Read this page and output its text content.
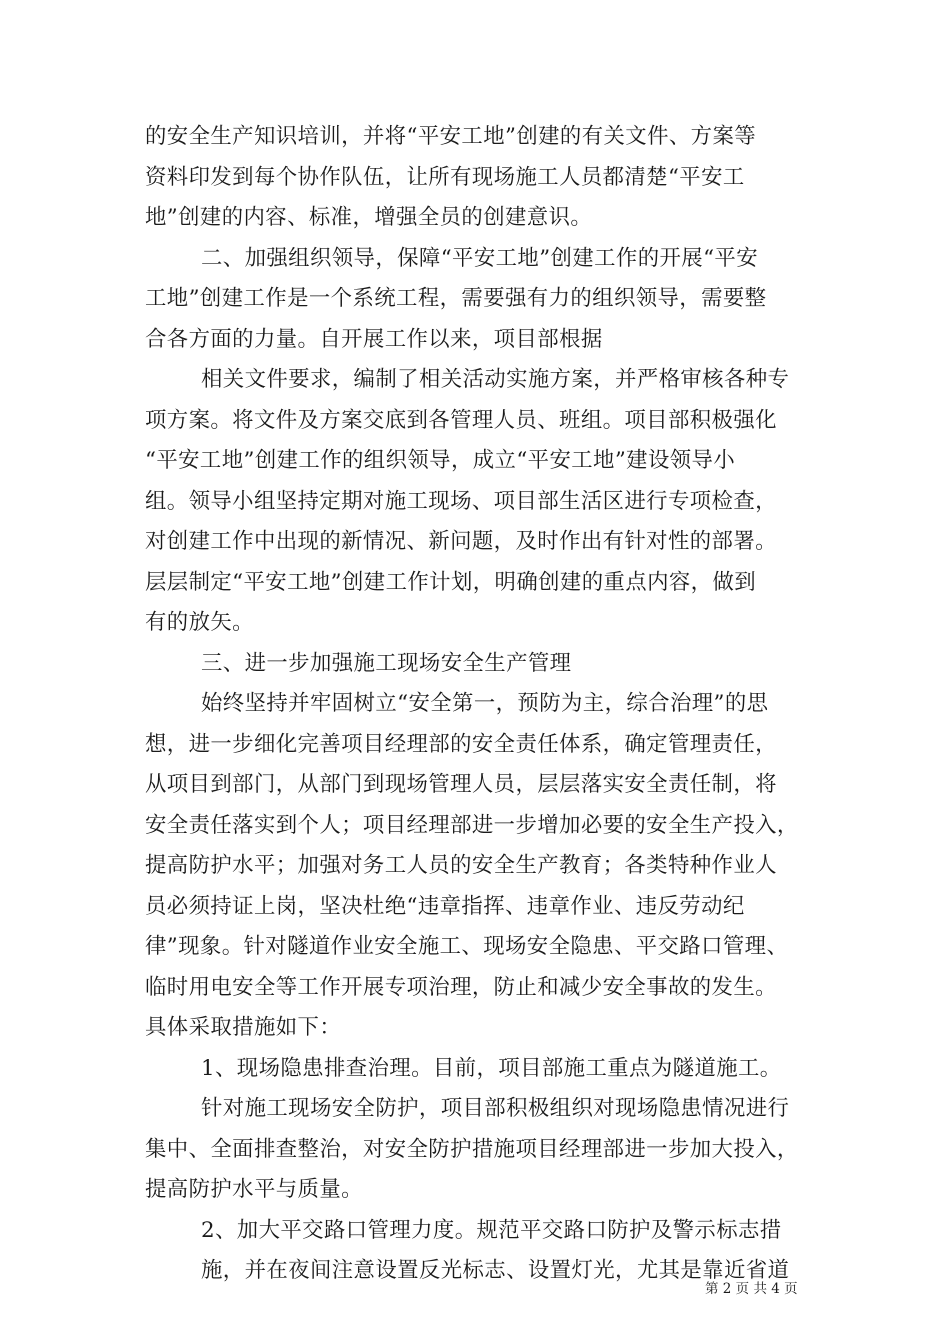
的安全生产知识培训，并将“平安工地”创建的有关文件、方案等
资料印发到每个协作队伍，让所有现场施工人员都清楚“平安工
地”创建的内容、标准，增强全员的创建意识。
二、加强组织领导，保障“平安工地”创建工作的开展“平安
工地”创建工作是一个系统工程，需要强有力的组织领导，需要整
合各方面的力量。自开展工作以来，项目部根据
相关文件要求，编制了相关活动实施方案，并严格审核各种专
项方案。将文件及方案交底到各管理人员、班组。项目部积极强化
“平安工地”创建工作的组织领导，成立“平安工地”建设领导小
组。领导小组坚持定期对施工现场、项目部生活区进行专项检查，
对创建工作中出现的新情况、新问题，及时作出有针对性的部署。
层层制定“平安工地”创建工作计划，明确创建的重点内容，做到
有的放矢。
三、进一步加强施工现场安全生产管理
始终坚持并牢固树立“安全第一，预防为主，综合治理”的思
想，进一步细化完善项目经理部的安全责任体系，确定管理责任，
从项目到部门，从部门到现场管理人员，层层落实安全责任制，将
安全责任落实到个人；项目经理部进一步增加必要的安全生产投入，
提高防护水平；加强对务工人员的安全生产教育；各类特种作业人
员必须持证上岗，坚决杜绝“违章指挥、违章作业、违反劳动纪
律”现象。针对隧道作业安全施工、现场安全隐患、平交路口管理、
临时用电安全等工作开展专项治理，防止和减少安全事故的发生。
具体采取措施如下：
1、现场隐患排查治理。目前，项目部施工重点为隧道施工。
针对施工现场安全防护，项目部积极组织对现场隐患情况进行
集中、全面排查整治，对安全防护措施项目经理部进一步加大投入，
提高防护水平与质量。
2、加大平交路口管理力度。规范平交路口防护及警示标志措
施，并在夜间注意设置反光标志、设置灯光，尤其是靠近省道
第 2 页 共 4 页
